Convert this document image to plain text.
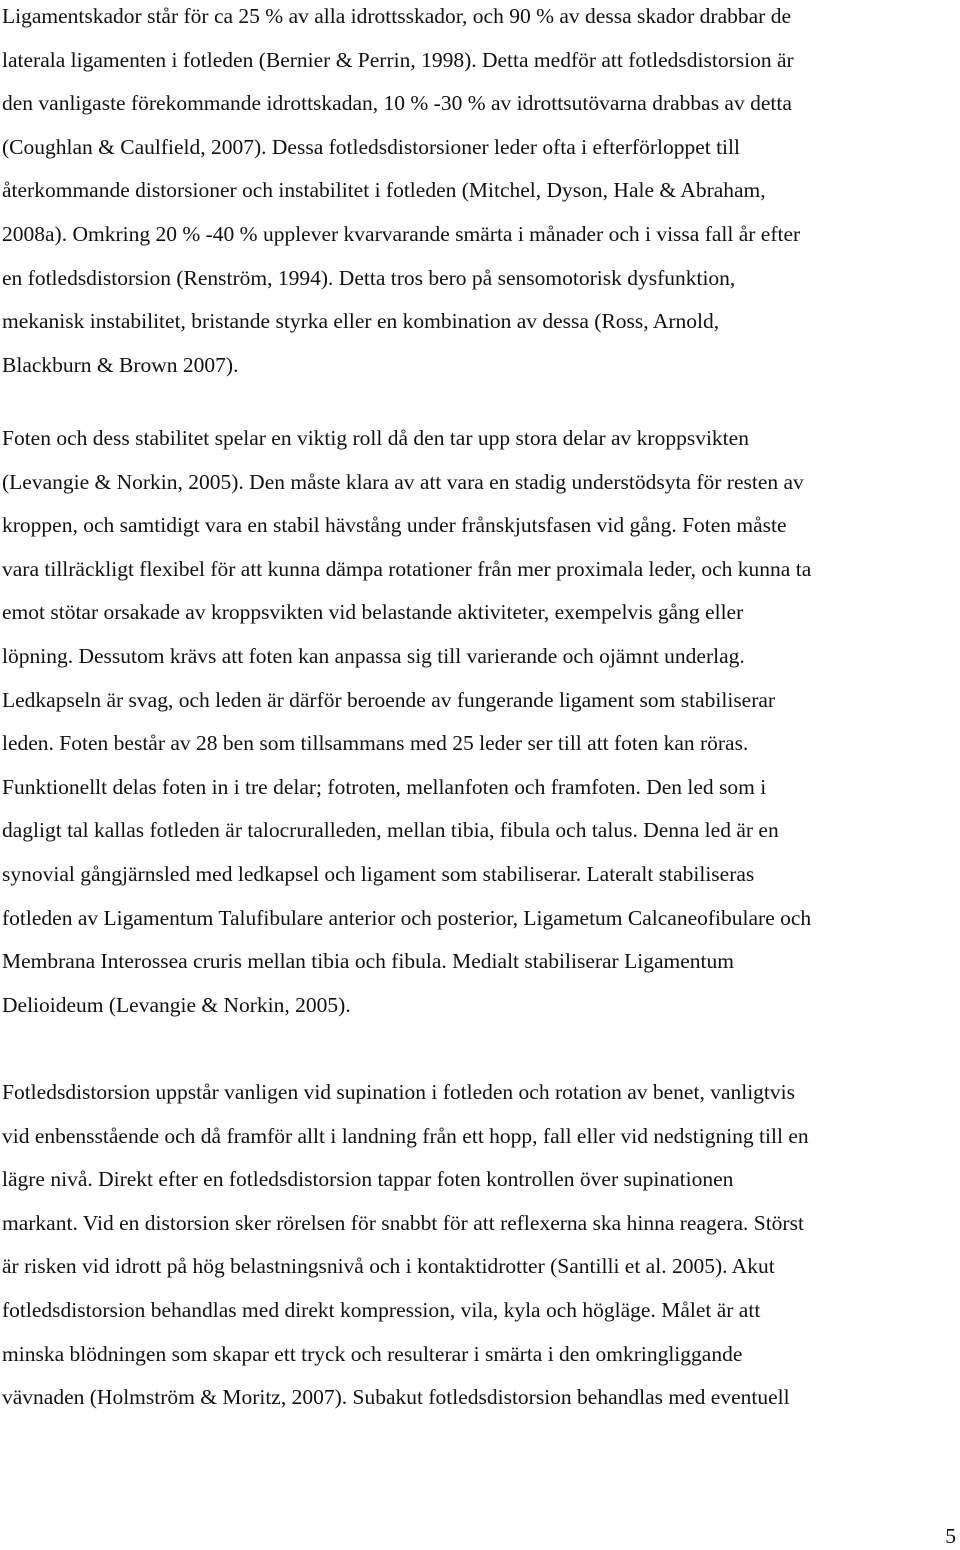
Ligamentskador står för ca 25 % av alla idrottsskador, och 90 % av dessa skador drabbar de
laterala ligamenten i fotleden (Bernier & Perrin, 1998). Detta medför att fotledsdistorsion är
den vanligaste förekommande idrottskadan, 10 % -30 % av idrottsutövarna drabbas av detta
(Coughlan & Caulfield, 2007). Dessa fotledsdistorsioner leder ofta i efterförloppet till
återkommande distorsioner och instabilitet i fotleden (Mitchel, Dyson, Hale & Abraham,
2008a). Omkring 20 % -40 % upplever kvarvarande smärta i månader och i vissa fall år efter
en fotledsdistorsion (Renström, 1994). Detta tros bero på sensomotorisk dysfunktion,
mekanisk instabilitet, bristande styrka eller en kombination av dessa (Ross, Arnold,
Blackburn & Brown 2007).
Foten och dess stabilitet spelar en viktig roll då den tar upp stora delar av kroppsvikten
(Levangie & Norkin, 2005). Den måste klara av att vara en stadig understödsyta för resten av
kroppen, och samtidigt vara en stabil hävstång under frånskjutsfasen vid gång. Foten måste
vara tillräckligt flexibel för att kunna dämpa rotationer från mer proximala leder, och kunna ta
emot stötar orsakade av kroppsvikten vid belastande aktiviteter, exempelvis gång eller
löpning. Dessutom krävs att foten kan anpassa sig till varierande och ojämnt underlag.
Ledkapseln är svag, och leden är därför beroende av fungerande ligament som stabiliserar
leden. Foten består av 28 ben som tillsammans med 25 leder ser till att foten kan röras.
Funktionellt delas foten in i tre delar; fotroten, mellanfoten och framfoten. Den led som i
dagligt tal kallas fotleden är talocruralleden, mellan tibia, fibula och talus. Denna led är en
synovial gångjärnsled med ledkapsel och ligament som stabiliserar. Lateralt stabiliseras
fotleden av Ligamentum Talufibulare anterior och posterior, Ligametum Calcaneofibulare och
Membrana Interossea cruris mellan tibia och fibula. Medialt stabiliserar Ligamentum
Delioideum (Levangie & Norkin, 2005).
Fotledsdistorsion uppstår vanligen vid supination i fotleden och rotation av benet, vanligtvis
vid enbensstående och då framför allt i landning från ett hopp, fall eller vid nedstigning till en
lägre nivå. Direkt efter en fotledsdistorsion tappar foten kontrollen över supinationen
markant. Vid en distorsion sker rörelsen för snabbt för att reflexerna ska hinna reagera. Störst
är risken vid idrott på hög belastningsnivå och i kontaktidrotter (Santilli et al. 2005). Akut
fotledsdistorsion behandlas med direkt kompression, vila, kyla och högläge. Målet är att
minska blödningen som skapar ett tryck och resulterar i smärta i den omkringliggande
vävnaden (Holmström & Moritz, 2007). Subakut fotledsdistorsion behandlas med eventuell
5
